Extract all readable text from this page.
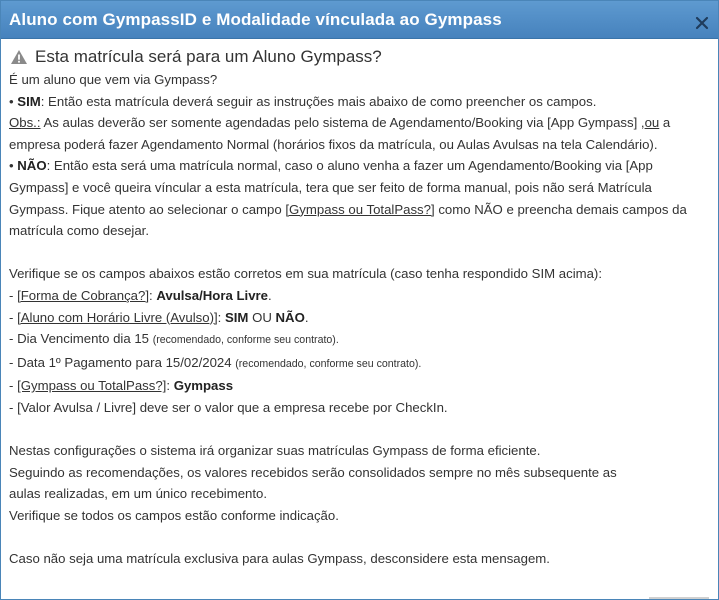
Aluno com GympassID e Modalidade vínculada ao Gympass
Esta matrícula será para um Aluno Gympass?

É um aluno que vem via Gympass?

• SIM: Então esta matrícula deverá seguir as instruções mais abaixo de como preencher os campos.

Obs.: As aulas deverão ser somente agendadas pelo sistema de Agendamento/Booking via [App Gympass] ,ou a empresa poderá fazer Agendamento Normal (horários fixos da matrícula, ou Aulas Avulsas na tela Calendário).

• NÃO: Então esta será uma matrícula normal, caso o aluno venha a fazer um Agendamento/Booking via [App Gympass] e você queira víncular a esta matrícula, tera que ser feito de forma manual, pois não será Matrícula Gympass. Fique atento ao selecionar o campo [Gympass ou TotalPass?] como NÃO e preencha demais campos da matrícula como desejar.

Verifique se os campos abaixos estão corretos em sua matrícula (caso tenha respondido SIM acima):

- [Forma de Cobrança?]: Avulsa/Hora Livre.

- [Aluno com Horário Livre (Avulso)]: SIM OU NÃO.

- Dia Vencimento dia 15 (recomendado, conforme seu contrato).

- Data 1º Pagamento para 15/02/2024 (recomendado, conforme seu contrato).

- [Gympass ou TotalPass?]: Gympass

- [Valor Avulsa / Livre] deve ser o valor que a empresa recebe por CheckIn.

Nestas configurações o sistema irá organizar suas matrículas Gympass de forma eficiente.

Seguindo as recomendações, os valores recebidos serão consolidados sempre no mês subsequente as

aulas realizadas, em um único recebimento.

Verifique se todos os campos estão conforme indicação.

Caso não seja uma matrícula exclusiva para aulas Gympass, desconsidere esta mensagem.
